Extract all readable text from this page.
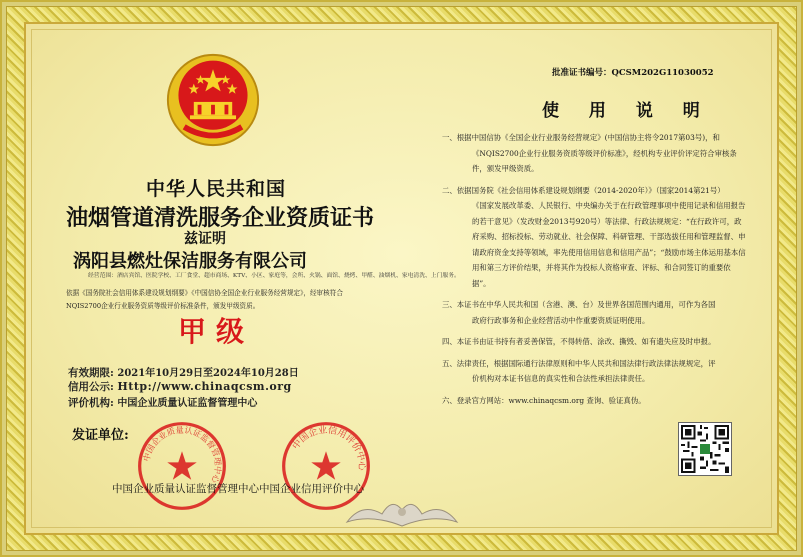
中华人民共和国
油烟管道清洗服务企业资质证书
兹证明
涡阳县燃灶保洁服务有限公司
经营范围：酒店宾馆、医院学校、工厂食堂、超市商场、KTV、小区、家庭等，会所、火锅、面馆、烧烤、甲醛、油烟机、家电清洗、上门服务。
依据《国务院社会信用体系建设规划纲要》《中国信协全国企业行业服务经营规定》，经审核符合NQIS2700企业行业服务资质等级评价标准条件，颁发甲级资质。
甲级
有效期限: 2021年10月29日至2024年10月28日
信用公示: Http://www.chinaqcsm.org
评价机构: 中国企业质量认证监督管理中心
发证单位:
中国企业质量认证监督管理中心
中国企业信用评价中心
中国企业质量认证监督管理中心 中国企业信用评价中心
批准证书编号：QCSM202G11030052
使 用 说 明

一、根据中国信协《全国企业行业服务经营规定》(中国信协主将令2017第03号)，和
《NQIS2700企业行业服务资质等级评价标准》，经机构专业评价评定符合审核条件，颁发甲级资质。

二、依据国务院《社会信用体系建设规划纲要（2014-2020年）》（国家2014第21号）
《国家发展改革委、人民银行、中央编办关于在行政管理事项中使用记录和信用报告的若干意见》（发改财金2013号920号）等法律、行政法规规定：“在行政许可，政府采购、招标投标、劳动就业、社会保障、科研管理、干部选拔任用和管理监督、申请政府资金支持等领域，率先使用信用信息和信用产品”；“鼓励市场主体运用基本信用和第三方评价结果，并将其作为投标人资格审查、评标、和合同签订的重要依据”。

三、本证书在中华人民共和国（含港、澳、台）及世界各国范围内通用，可作为各国
政府行政事务和企业经营活动中作重要资质证明使用。

四、本证书由证书持有者妥善保管，不得转借、涂改、撕毁、如有遗失应及时申报。

五、法律责任，根据国际通行法律原则和中华人民共和国法律行政法律法规规定，评
价机构对本证书信息的真实性和合法性承担法律责任。

六、登录官方网站：www.chinaqcsm.org 查询、验证真伪。
